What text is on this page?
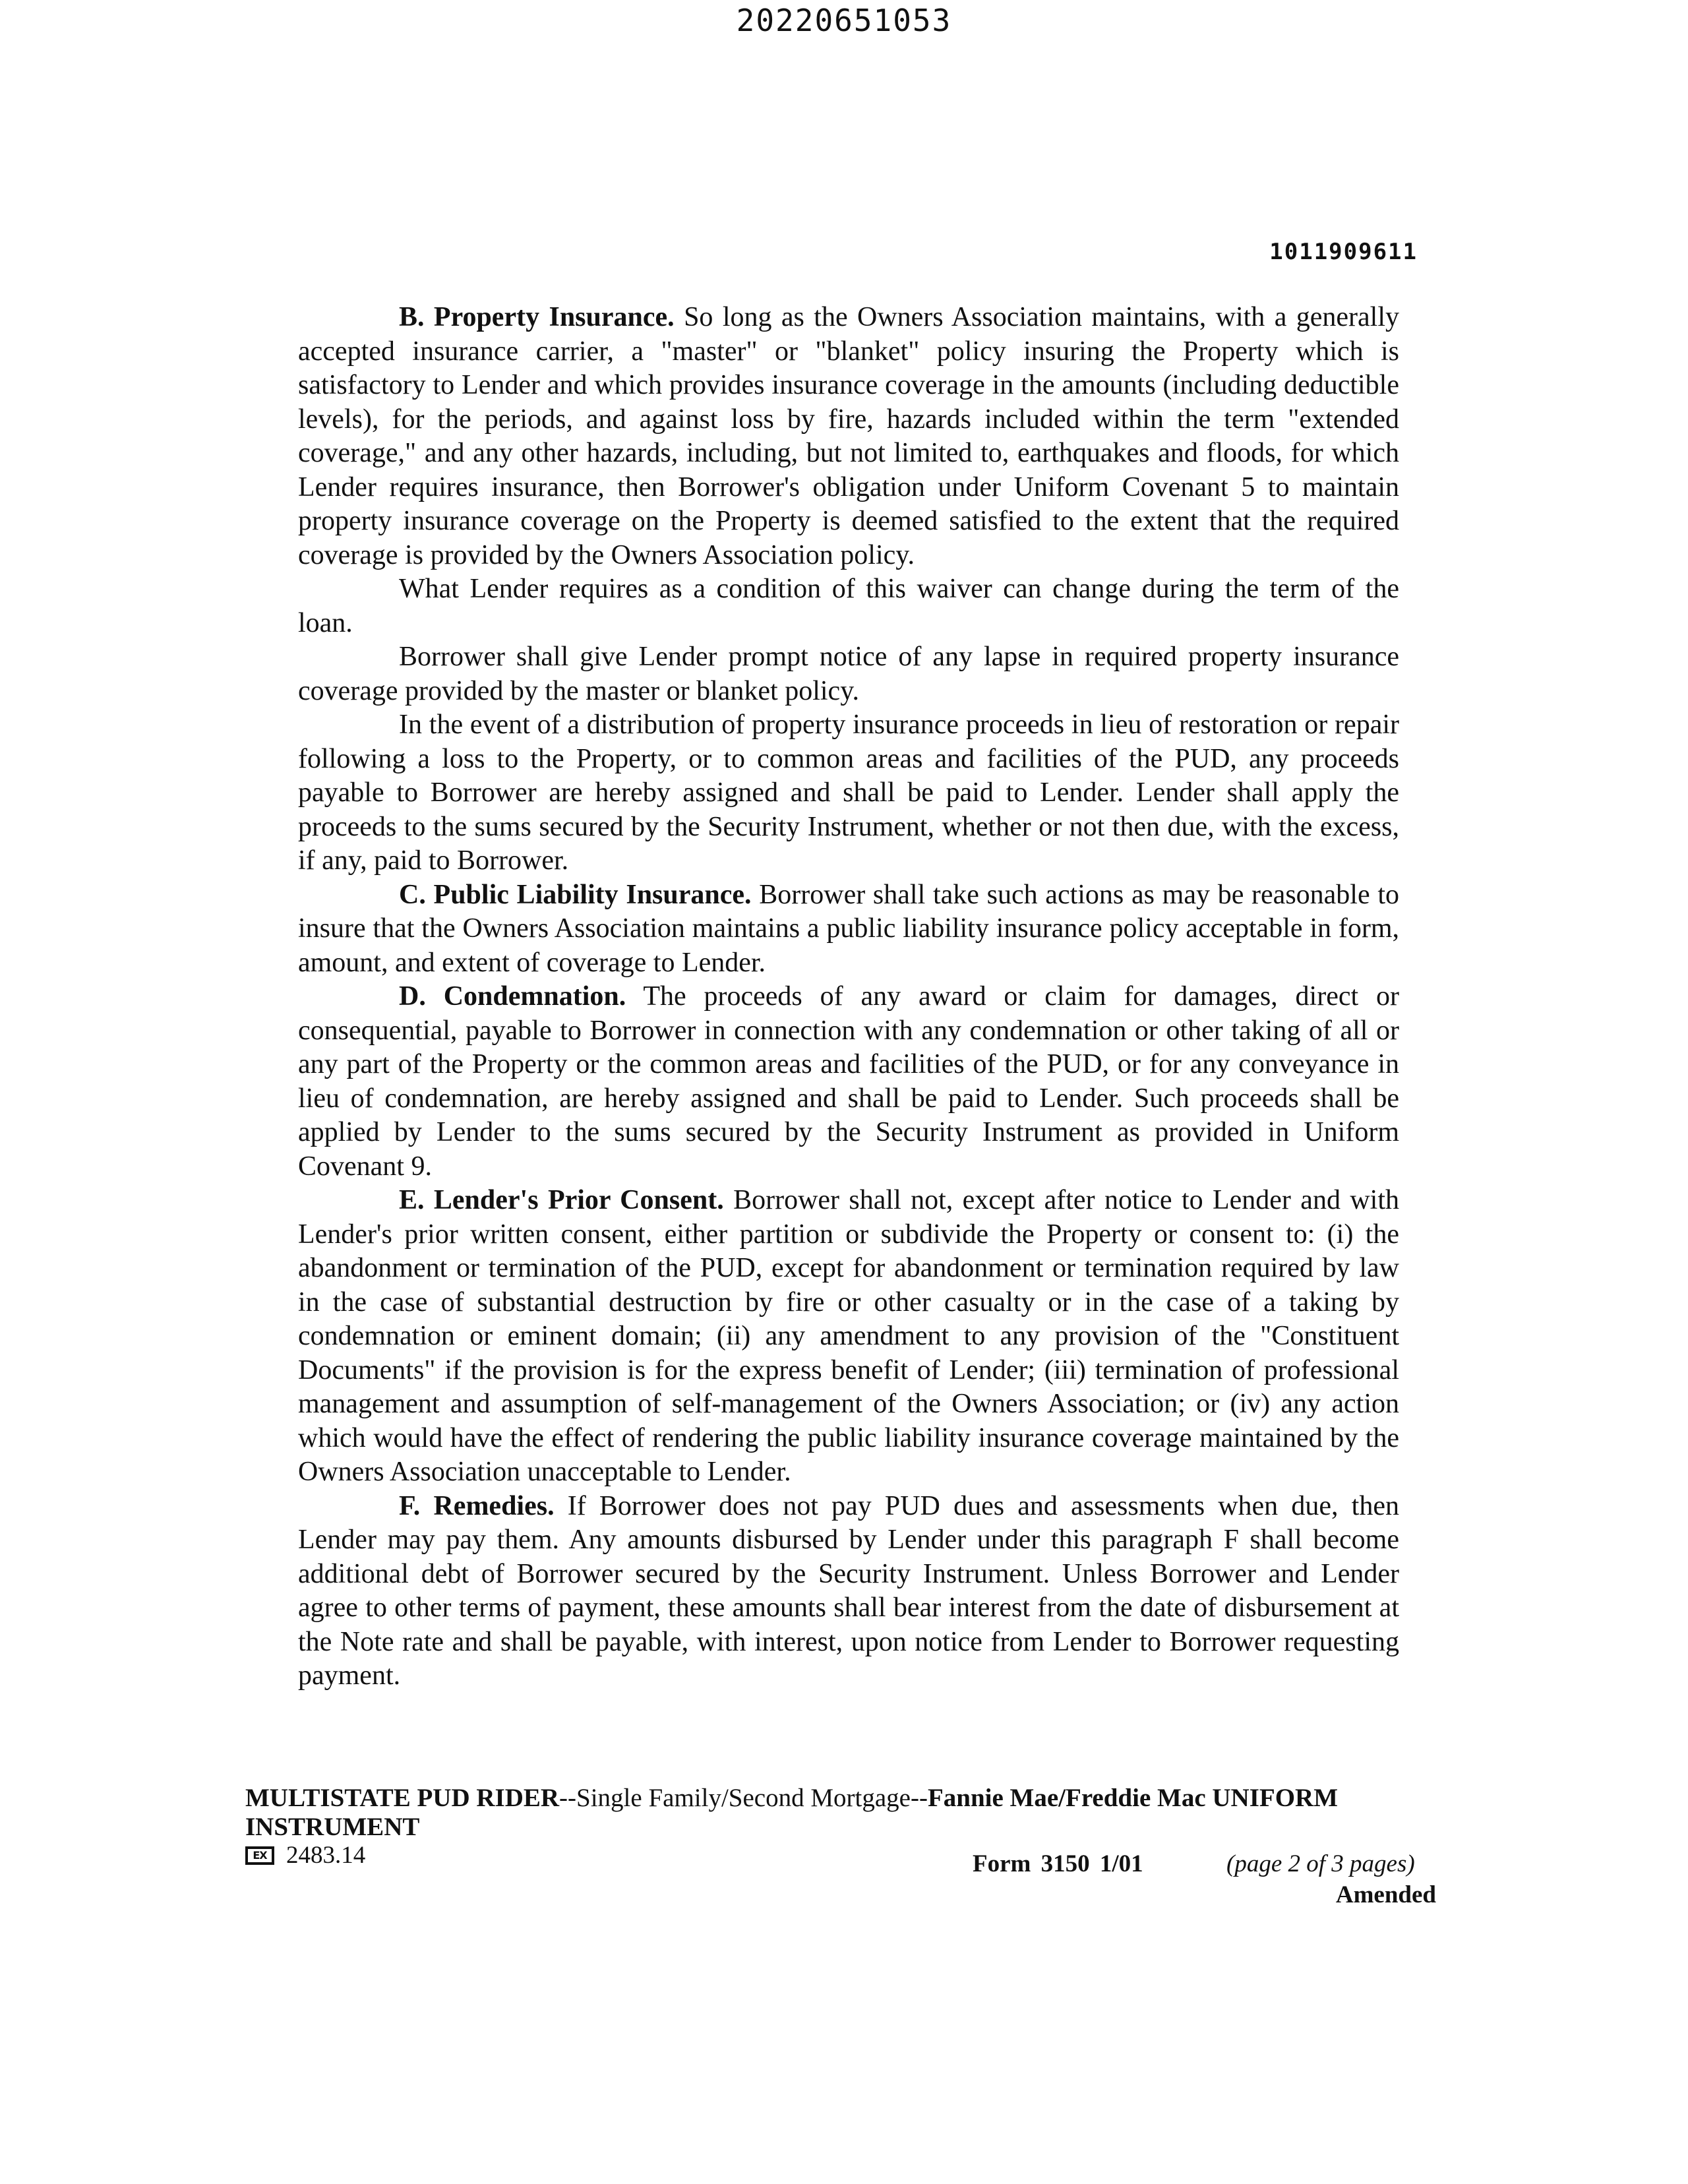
20220651053
1011909611

B. Property Insurance. So long as the Owners Association maintains, with a generally accepted insurance carrier, a "master" or "blanket" policy insuring the Property which is satisfactory to Lender and which provides insurance coverage in the amounts (including deductible levels), for the periods, and against loss by fire, hazards included within the term "extended coverage," and any other hazards, including, but not limited to, earthquakes and floods, for which Lender requires insurance, then Borrower's obligation under Uniform Covenant 5 to maintain property insurance coverage on the Property is deemed satisfied to the extent that the required coverage is provided by the Owners Association policy.

What Lender requires as a condition of this waiver can change during the term of the loan.

Borrower shall give Lender prompt notice of any lapse in required property insurance coverage provided by the master or blanket policy.

In the event of a distribution of property insurance proceeds in lieu of restoration or repair following a loss to the Property, or to common areas and facilities of the PUD, any proceeds payable to Borrower are hereby assigned and shall be paid to Lender. Lender shall apply the proceeds to the sums secured by the Security Instrument, whether or not then due, with the excess, if any, paid to Borrower.

C. Public Liability Insurance. Borrower shall take such actions as may be reasonable to insure that the Owners Association maintains a public liability insurance policy acceptable in form, amount, and extent of coverage to Lender.

D. Condemnation. The proceeds of any award or claim for damages, direct or consequential, payable to Borrower in connection with any condemnation or other taking of all or any part of the Property or the common areas and facilities of the PUD, or for any conveyance in lieu of condemnation, are hereby assigned and shall be paid to Lender. Such proceeds shall be applied by Lender to the sums secured by the Security Instrument as provided in Uniform Covenant 9.

E. Lender's Prior Consent. Borrower shall not, except after notice to Lender and with Lender's prior written consent, either partition or subdivide the Property or consent to: (i) the abandonment or termination of the PUD, except for abandonment or termination required by law in the case of substantial destruction by fire or other casualty or in the case of a taking by condemnation or eminent domain; (ii) any amendment to any provision of the "Constituent Documents" if the provision is for the express benefit of Lender; (iii) termination of professional management and assumption of self-management of the Owners Association; or (iv) any action which would have the effect of rendering the public liability insurance coverage maintained by the Owners Association unacceptable to Lender.

F. Remedies. If Borrower does not pay PUD dues and assessments when due, then Lender may pay them. Any amounts disbursed by Lender under this paragraph F shall become additional debt of Borrower secured by the Security Instrument. Unless Borrower and Lender agree to other terms of payment, these amounts shall bear interest from the date of disbursement at the Note rate and shall be payable, with interest, upon notice from Lender to Borrower requesting payment.

MULTISTATE PUD RIDER--Single Family/Second Mortgage--Fannie Mae/Freddie Mac UNIFORM INSTRUMENT
EX 2483.14	Form 3150 1/01	(page 2 of 3 pages)
Amended
